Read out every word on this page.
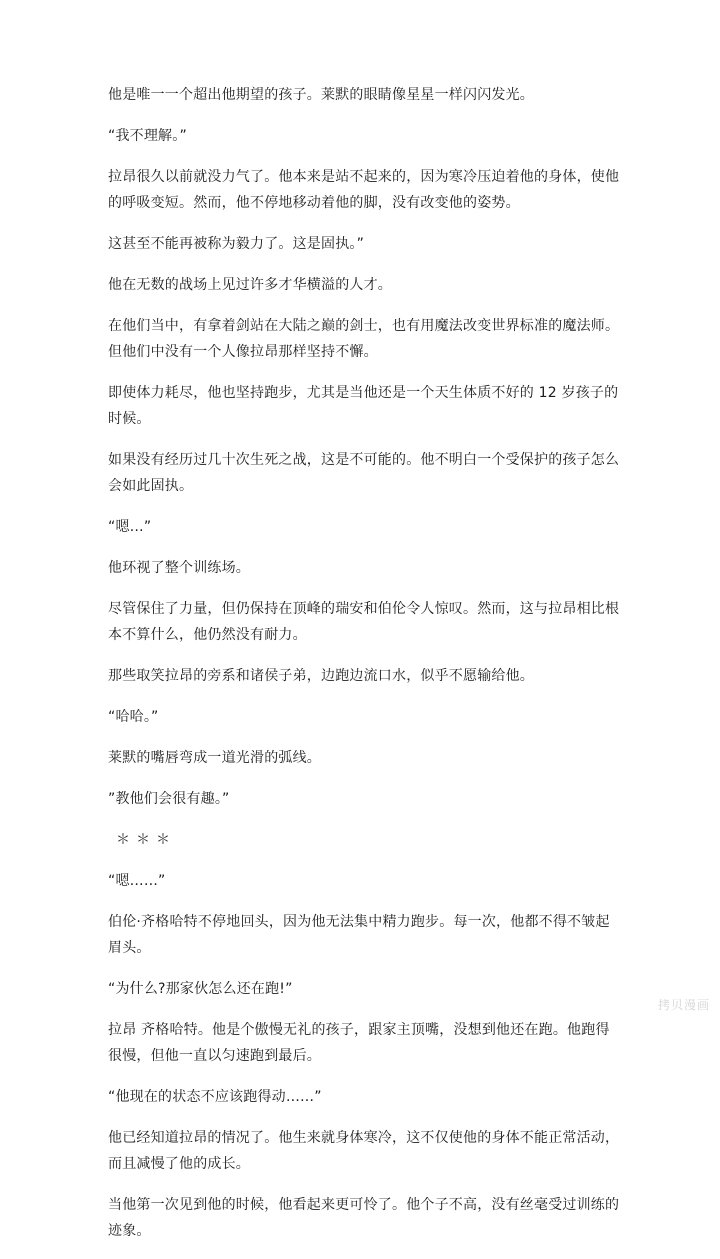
他是唯一一个超出他期望的孩子。莱默的眼睛像星星一样闪闪发光。

“我不理解。”

拉昂很久以前就没力气了。他本来是站不起来的，因为寒冷压迫着他的身体，使他的呼吸变短。然而，他不停地移动着他的脚，没有改变他的姿势。

这甚至不能再被称为毅力了。这是固执。”

他在无数的战场上见过许多才华横溢的人才。

在他们当中，有拿着剑站在大陆之巅的剑士，也有用魔法改变世界标准的魔法师。但他们中没有一个人像拉昂那样坚持不懈。

即使体力耗尽，他也坚持跑步，尤其是当他还是一个天生体质不好的 12 岁孩子的时候。

如果没有经历过几十次生死之战，这是不可能的。他不明白一个受保护的孩子怎么会如此固执。

“嗯…”

他环视了整个训练场。

尽管保住了力量，但仍保持在顶峰的瑞安和伯伦令人惊叹。然而，这与拉昂相比根本不算什么，他仍然没有耐力。

那些取笑拉昂的旁系和诸侯子弟，边跑边流口水，似乎不愿输给他。

“哈哈。”

莱默的嘴唇弯成一道光滑的弧线。

”教他们会很有趣。”

＊＊＊

“嗯……”

伯伦·齐格哈特不停地回头，因为他无法集中精力跑步。每一次，他都不得不皱起眉头。

“为什么?那家伙怎么还在跑!”

拉昂 齐格哈特。他是个傲慢无礼的孩子，跟家主顶嘴，没想到他还在跑。他跑得很慢，但他一直以匀速跑到最后。

“他现在的状态不应该跑得动……”

他已经知道拉昂的情况了。他生来就身体寒冷，这不仅使他的身体不能正常活动，而且减慢了他的成长。

当他第一次见到他的时候，他看起来更可怜了。他个子不高，没有丝毫受过训练的迹象。

拷贝漫画
